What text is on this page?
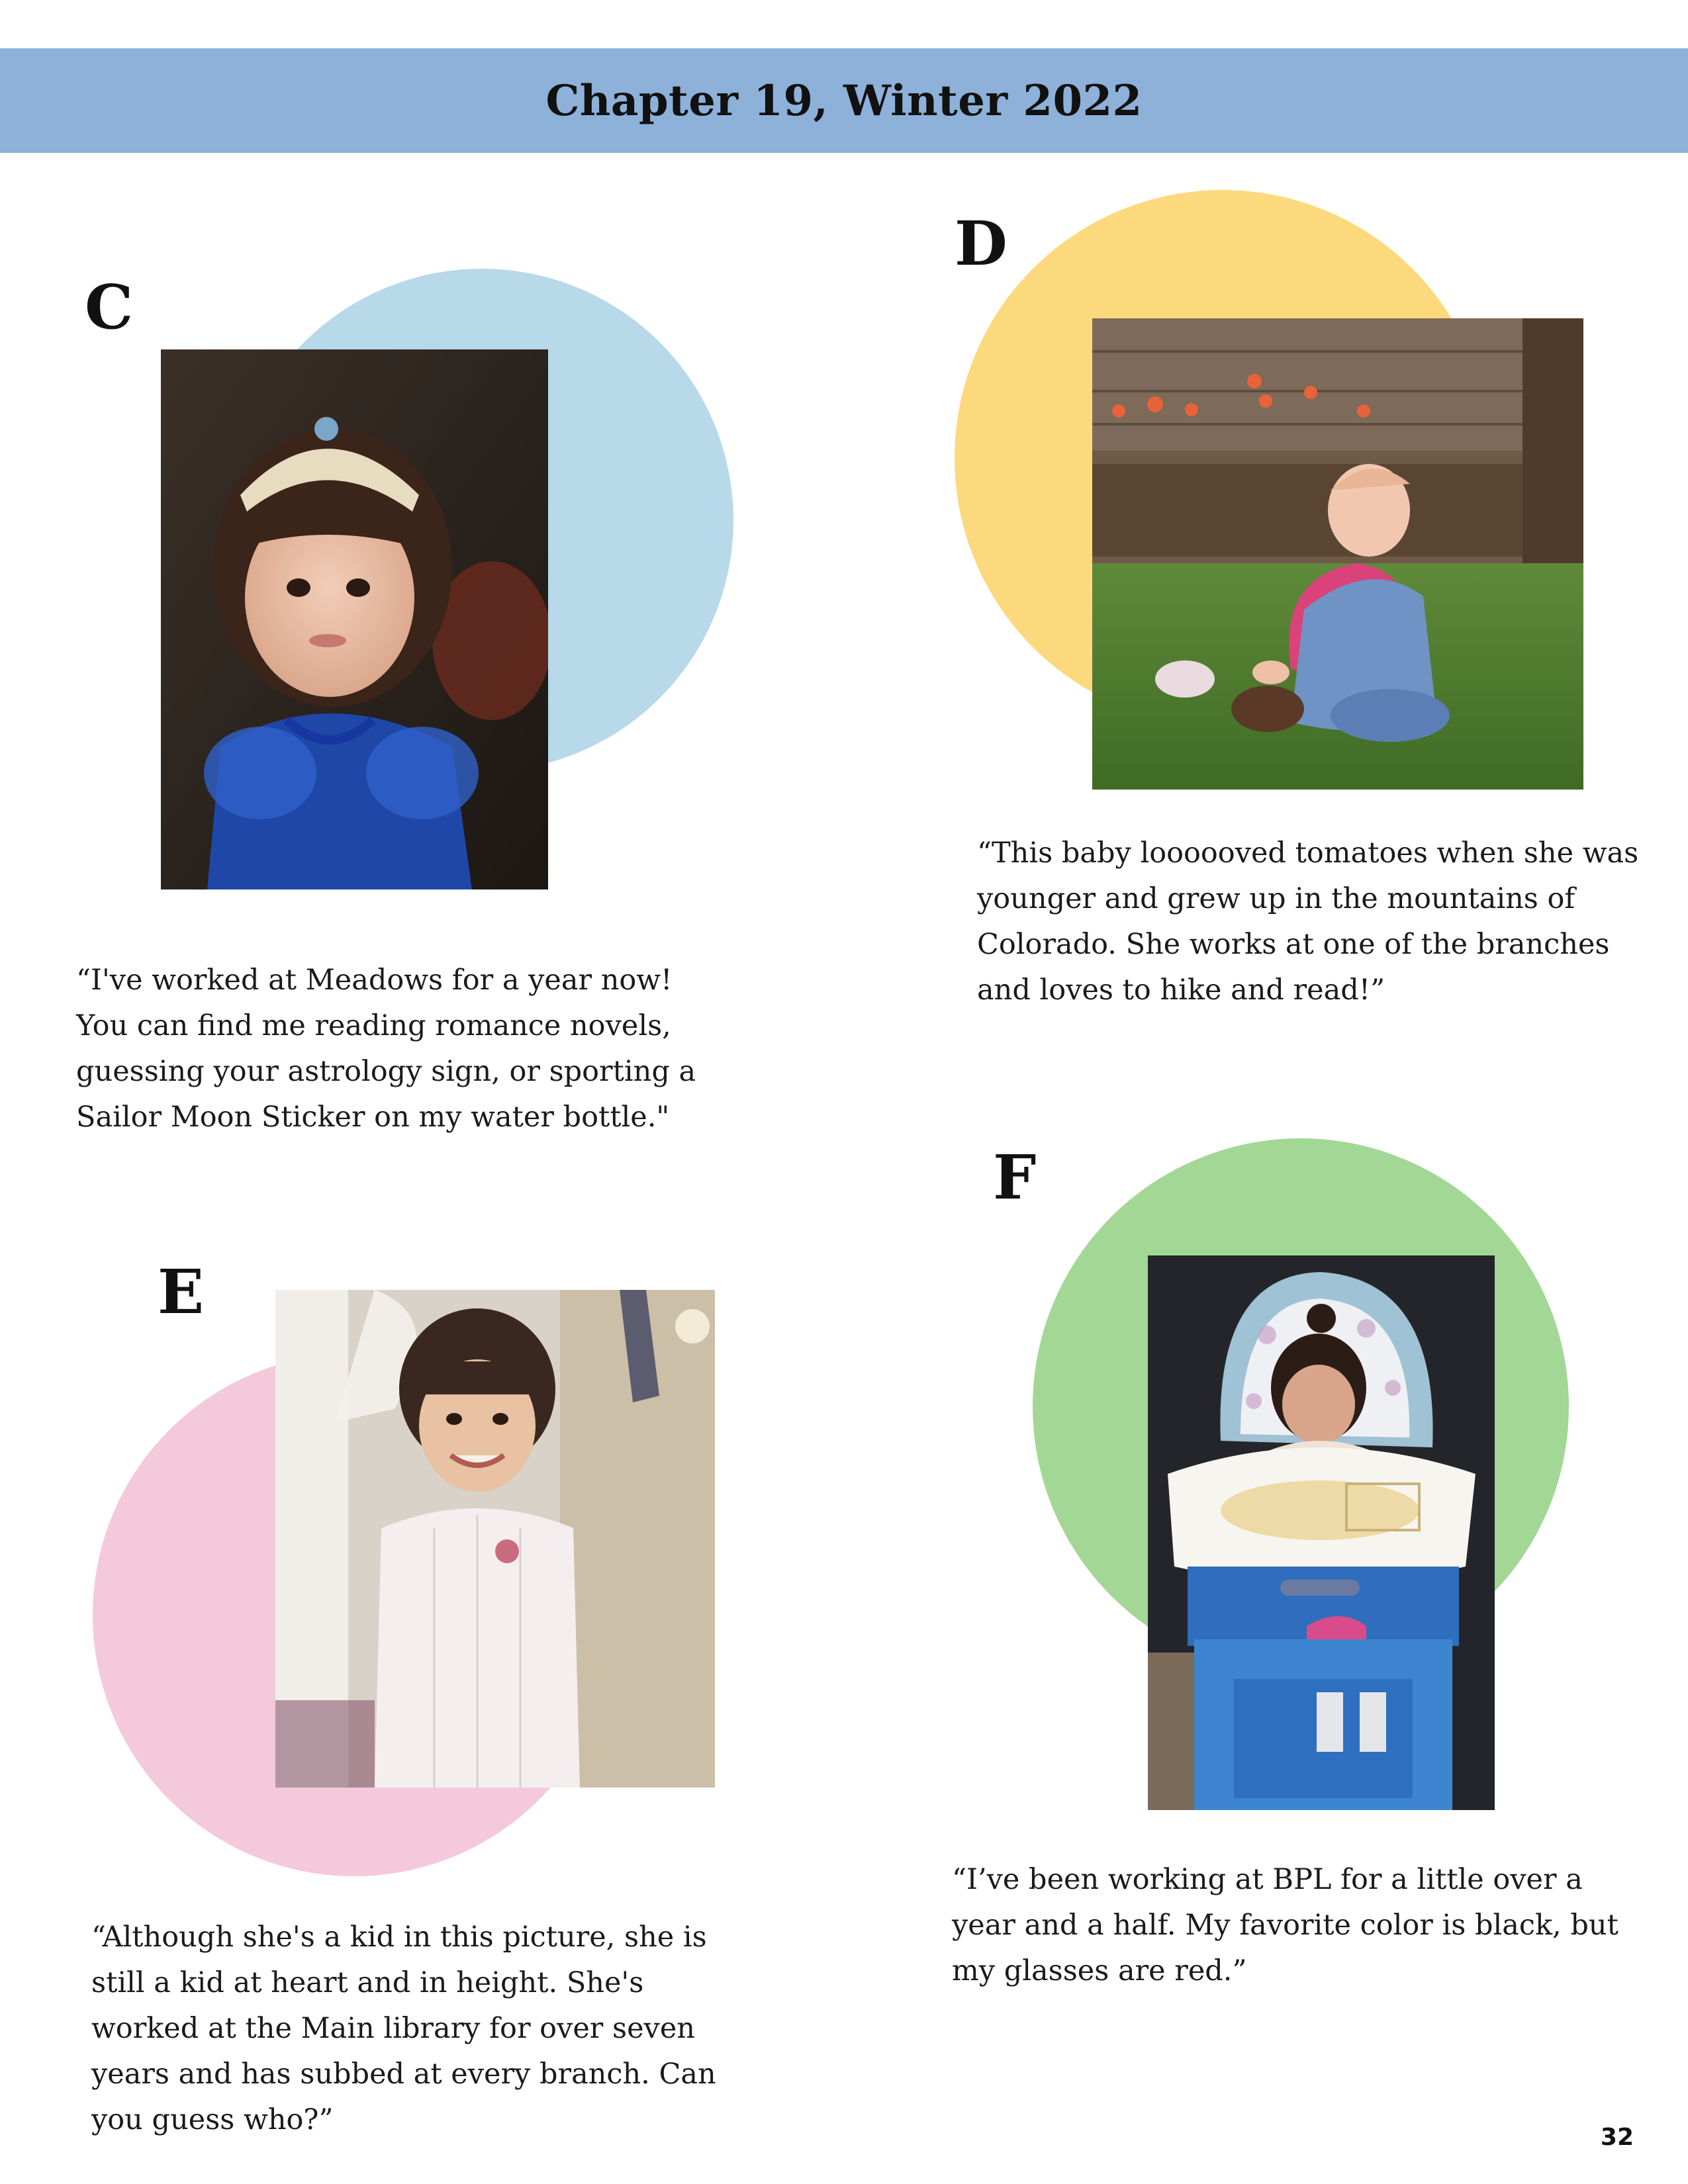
Chapter 19, Winter 2022
C
“I've worked at Meadows for a year now! You can find me reading romance novels, guessing your astrology sign, or sporting a Sailor Moon Sticker on my water bottle."
D
“This baby loooooved tomatoes when she was younger and grew up in the mountains of Colorado. She works at one of the branches and loves to hike and read!”
E
“Although she's a kid in this picture, she is still a kid at heart and in height. She's worked at the Main library for over seven years and has subbed at every branch. Can you guess who?”
F
“I’ve been working at BPL for a little over a year and a half. My favorite color is black, but my glasses are red.”
32
